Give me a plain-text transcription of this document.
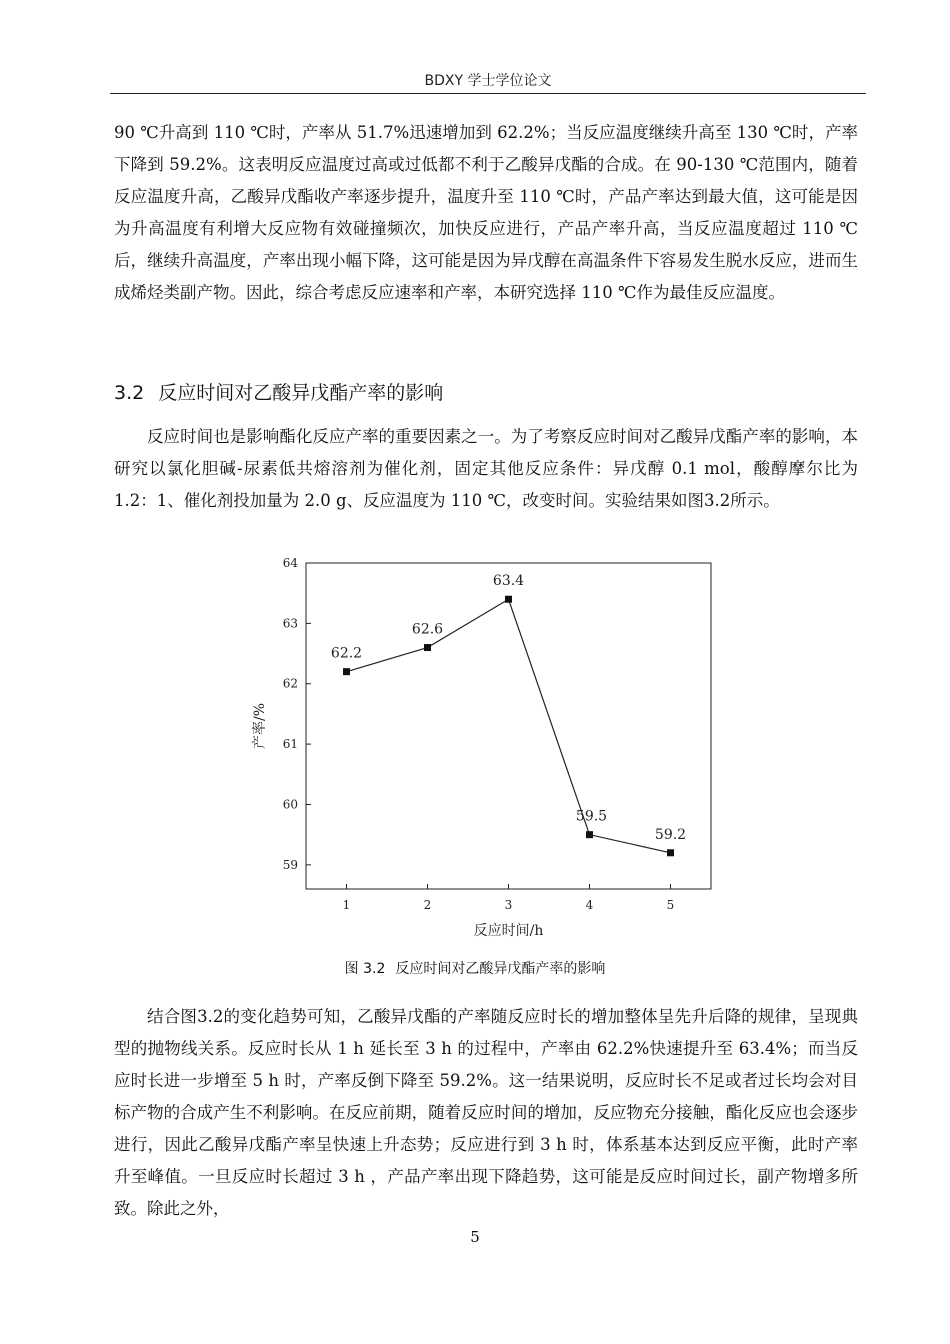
BDXY 学士学位论文

90 ℃升高到 110 ℃时，产率从 51.7%迅速增加到 62.2%；当反应温度继续升高至 130 ℃时，产率下降到 59.2%。这表明反应温度过高或过低都不利于乙酸异戊酯的合成。在 90-130 ℃范围内，随着反应温度升高，乙酸异戊酯收产率逐步提升，温度升至 110 ℃时，产品产率达到最大值，这可能是因为升高温度有利增大反应物有效碰撞频次，加快反应进行，产品产率升高，当反应温度超过 110 ℃后，继续升高温度，产率出现小幅下降，这可能是因为异戊醇在高温条件下容易发生脱水反应，进而生成烯烃类副产物。因此，综合考虑反应速率和产率，本研究选择 110 ℃作为最佳反应温度。

3.2 反应时间对乙酸异戊酯产率的影响

反应时间也是影响酯化反应产率的重要因素之一。为了考察反应时间对乙酸异戊酯产率的影响，本研究以氯化胆碱-尿素低共熔溶剂为催化剂，固定其他反应条件：异戊醇 0.1 mol，酸醇摩尔比为 1.2：1、催化剂投加量为 2.0 g、反应温度为 110 ℃，改变时间。实验结果如图3.2所示。

59
60
61
62
63
64
1	2	3	4	5
反应时间/h
产率/%
62.2
62.6
63.4
59.5
59.2
图 3.2 反应时间对乙酸异戊酯产率的影响

结合图3.2的变化趋势可知，乙酸异戊酯的产率随反应时长的增加整体呈先升后降的规律，呈现典型的抛物线关系。反应时长从 1 h 延长至 3 h 的过程中，产率由 62.2%快速提升至 63.4%；而当反应时长进一步增至 5 h 时，产率反倒下降至 59.2%。这一结果说明，反应时长不足或者过长均会对目标产物的合成产生不利影响。在反应前期，随着反应时间的增加，反应物充分接触，酯化反应也会逐步进行，因此乙酸异戊酯产率呈快速上升态势；反应进行到 3 h 时，体系基本达到反应平衡，此时产率升至峰值。一旦反应时长超过 3 h ，产品产率出现下降趋势，这可能是反应时间过长，副产物增多所致。除此之外，

5
